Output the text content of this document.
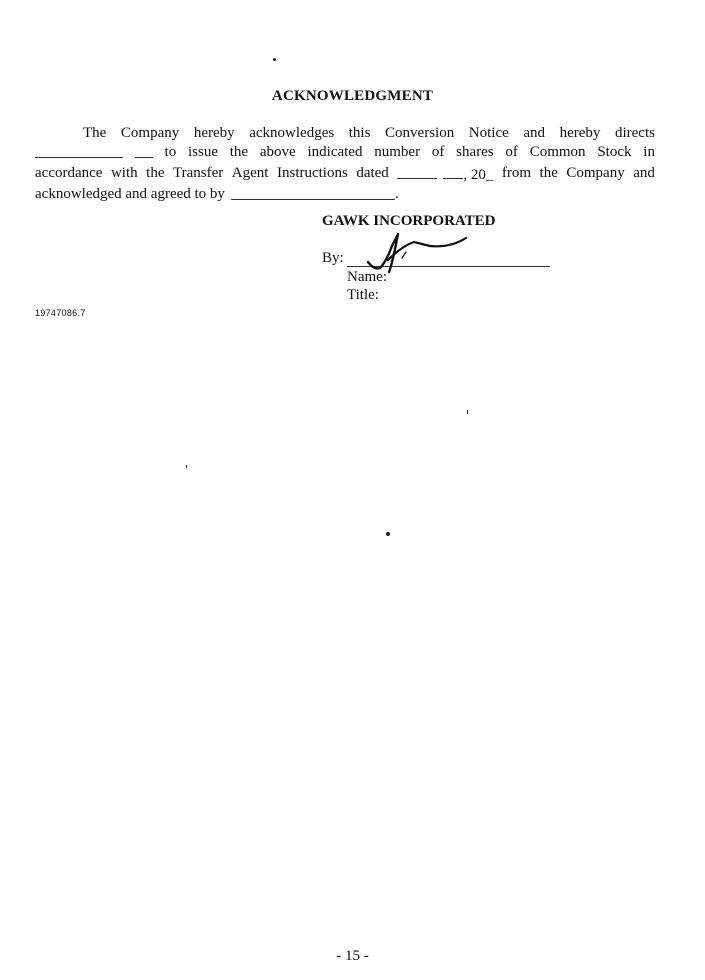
ACKNOWLEDGMENT
The Company hereby acknowledges this Conversion Notice and hereby directs

to issue the above indicated number of shares of Common Stock in
accordance with the Transfer Agent Instructions dated	, 20_ from the Company and
acknowledged and agreed to by	.
GAWK INCORPORATED
By:
Name:
Title:
19747086.7
- 15 -
